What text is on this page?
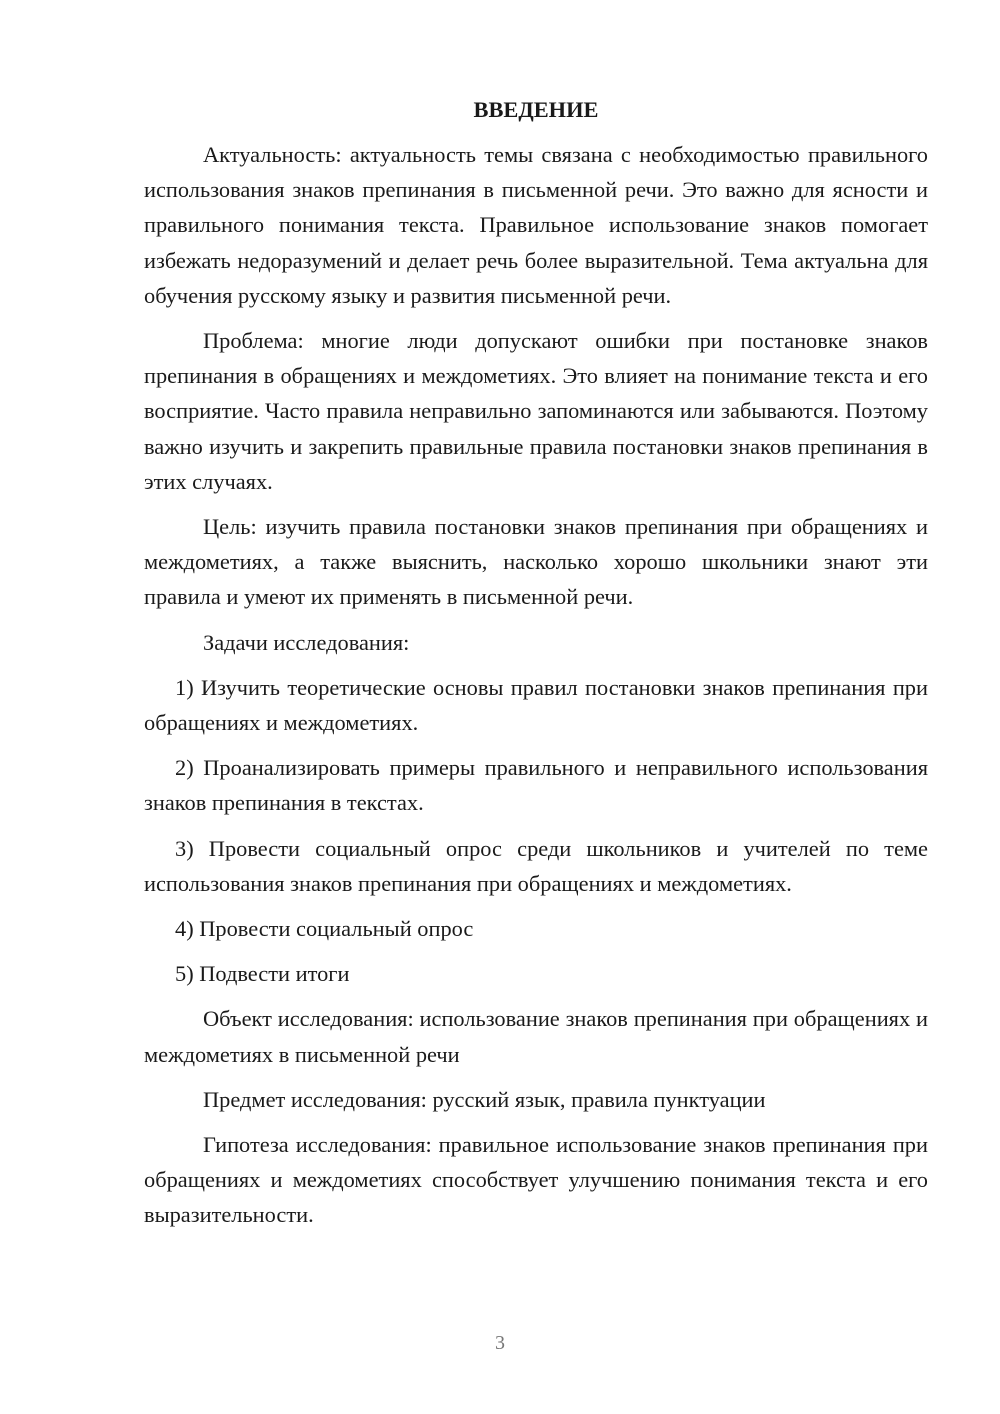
ВВЕДЕНИЕ

Актуальность: актуальность темы связана с необходимостью правильного использования знаков препинания в письменной речи. Это важно для ясности и правильного понимания текста. Правильное использование знаков помогает избежать недоразумений и делает речь более выразительной. Тема актуальна для обучения русскому языку и развития письменной речи.

Проблема: многие люди допускают ошибки при постановке знаков препинания в обращениях и междометиях. Это влияет на понимание текста и его восприятие. Часто правила неправильно запоминаются или забываются. Поэтому важно изучить и закрепить правильные правила постановки знаков препинания в этих случаях.

Цель: изучить правила постановки знаков препинания при обращениях и междометиях, а также выяснить, насколько хорошо школьники знают эти правила и умеют их применять в письменной речи.

Задачи исследования:

1) Изучить теоретические основы правил постановки знаков препинания при обращениях и междометиях.

2) Проанализировать примеры правильного и неправильного использования знаков препинания в текстах.

3) Провести социальный опрос среди школьников и учителей по теме использования знаков препинания при обращениях и междометиях.

4) Провести социальный опрос

5) Подвести итоги

Объект исследования: использование знаков препинания при обращениях и междометиях в письменной речи

Предмет исследования: русский язык, правила пунктуации

Гипотеза исследования: правильное использование знаков препинания при обращениях и междометиях способствует улучшению понимания текста и его выразительности.

3
